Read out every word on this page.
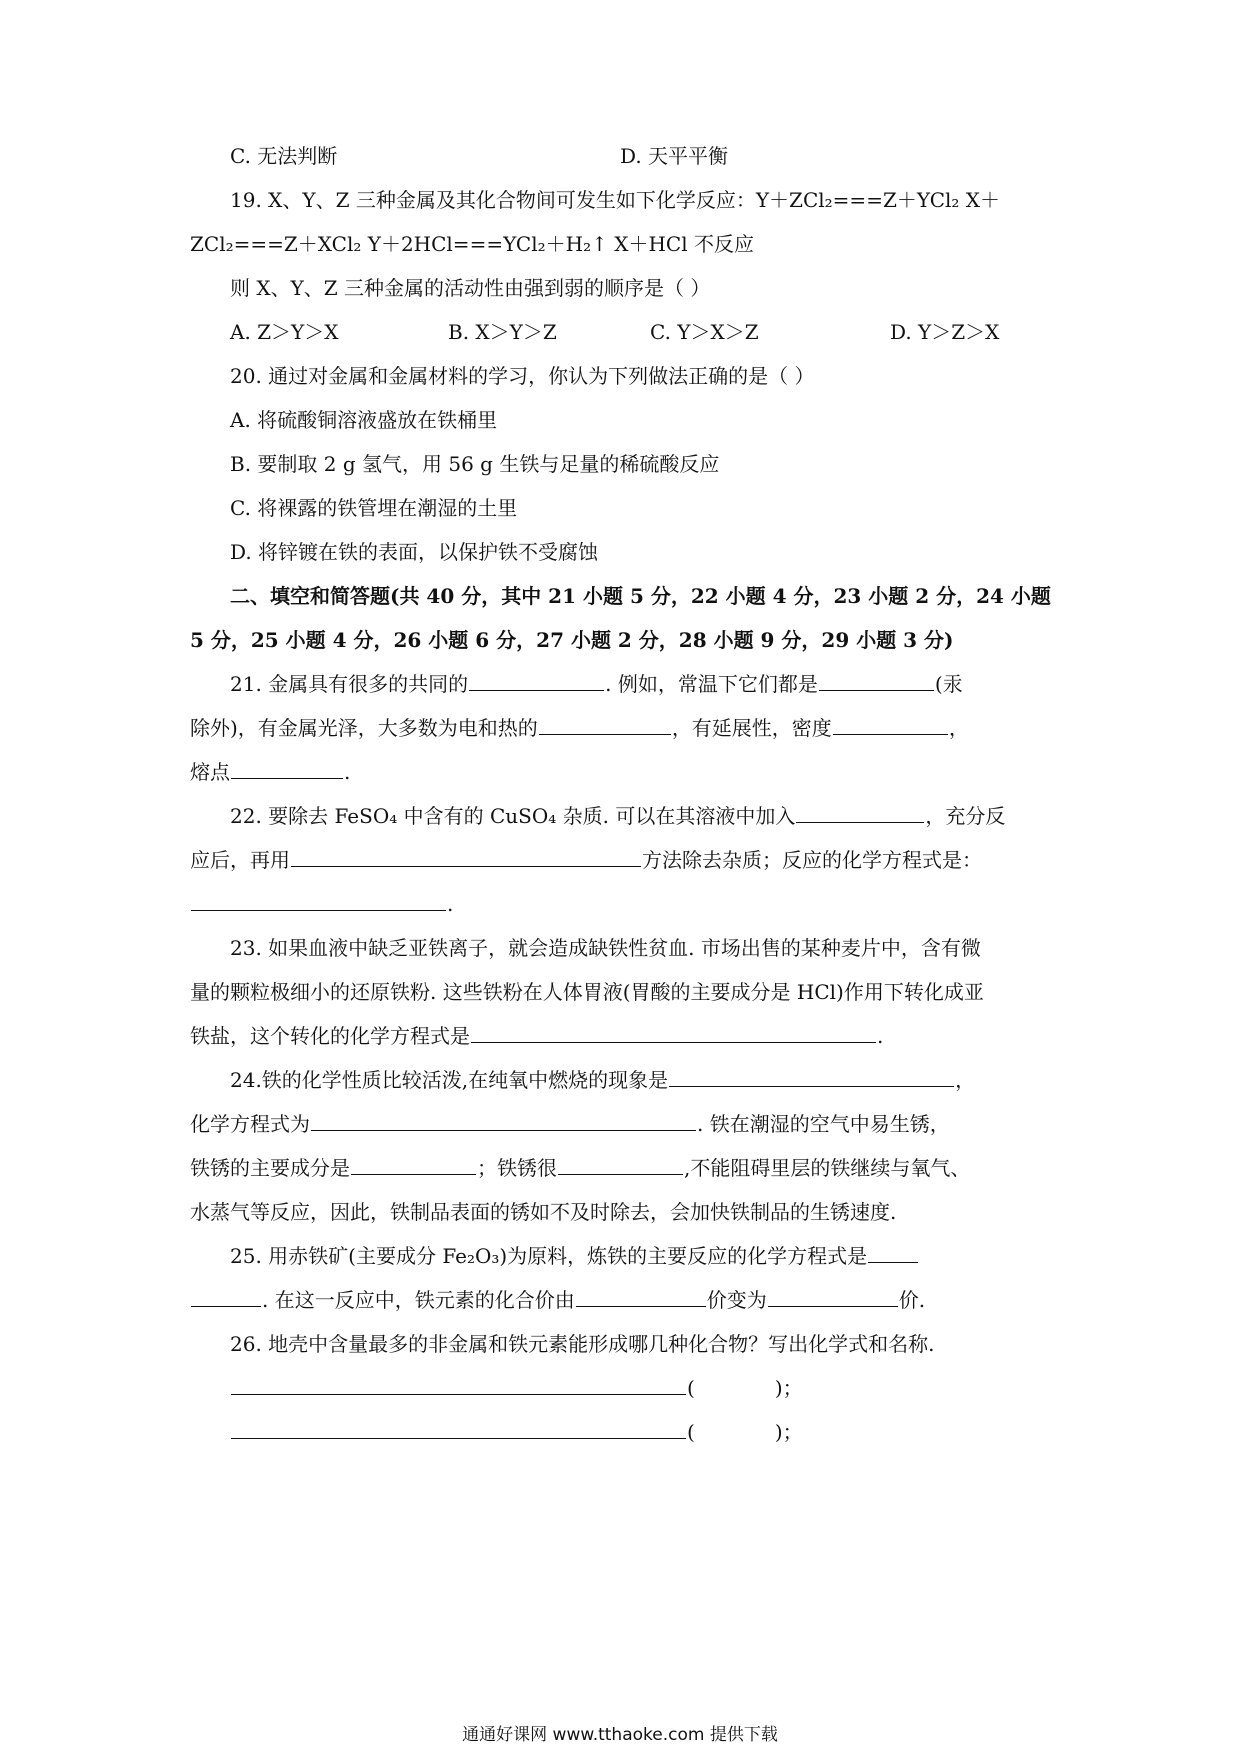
C. 无法判断	D. 天平平衡
19. X、Y、Z 三种金属及其化合物间可发生如下化学反应：Y＋ZCl₂===Z＋YCl₂ X＋
ZCl₂===Z＋XCl₂ Y＋2HCl===YCl₂＋H₂↑ X＋HCl 不反应
则 X、Y、Z 三种金属的活动性由强到弱的顺序是（ ）
A. Z＞Y＞X	B. X＞Y＞Z	C. Y＞X＞Z	D. Y＞Z＞X
20. 通过对金属和金属材料的学习，你认为下列做法正确的是（ ）
A. 将硫酸铜溶液盛放在铁桶里
B. 要制取 2 g 氢气，用 56 g 生铁与足量的稀硫酸反应
C. 将裸露的铁管埋在潮湿的土里
D. 将锌镀在铁的表面，以保护铁不受腐蚀
二、填空和简答题(共 40 分，其中 21 小题 5 分，22 小题 4 分，23 小题 2 分，24 小题
5 分，25 小题 4 分，26 小题 6 分，27 小题 2 分，28 小题 9 分，29 小题 3 分)
21. 金属具有很多的共同的	. 例如，常温下它们都是	(汞
除外)，有金属光泽，大多数为电和热的	，有延展性，密度	，
熔点	.
22. 要除去 FeSO₄ 中含有的 CuSO₄ 杂质. 可以在其溶液中加入	，充分反
应后，再用	方法除去杂质；反应的化学方程式是：
.
23. 如果血液中缺乏亚铁离子，就会造成缺铁性贫血. 市场出售的某种麦片中，含有微
量的颗粒极细小的还原铁粉. 这些铁粉在人体胃液(胃酸的主要成分是 HCl)作用下转化成亚
铁盐，这个转化的化学方程式是	.
24.铁的化学性质比较活泼,在纯氧中燃烧的现象是	，
化学方程式为	. 铁在潮湿的空气中易生锈，
铁锈的主要成分是	；铁锈很	,不能阻碍里层的铁继续与氧气、
水蒸气等反应，因此，铁制品表面的锈如不及时除去，会加快铁制品的生锈速度.
25. 用赤铁矿(主要成分 Fe₂O₃)为原料，炼铁的主要反应的化学方程式是
. 在这一反应中，铁元素的化合价由	价变为	价.
26. 地壳中含量最多的非金属和铁元素能形成哪几种化合物？写出化学式和名称.
(	)；
(	)；
通通好课网 www.tthaoke.com 提供下载
